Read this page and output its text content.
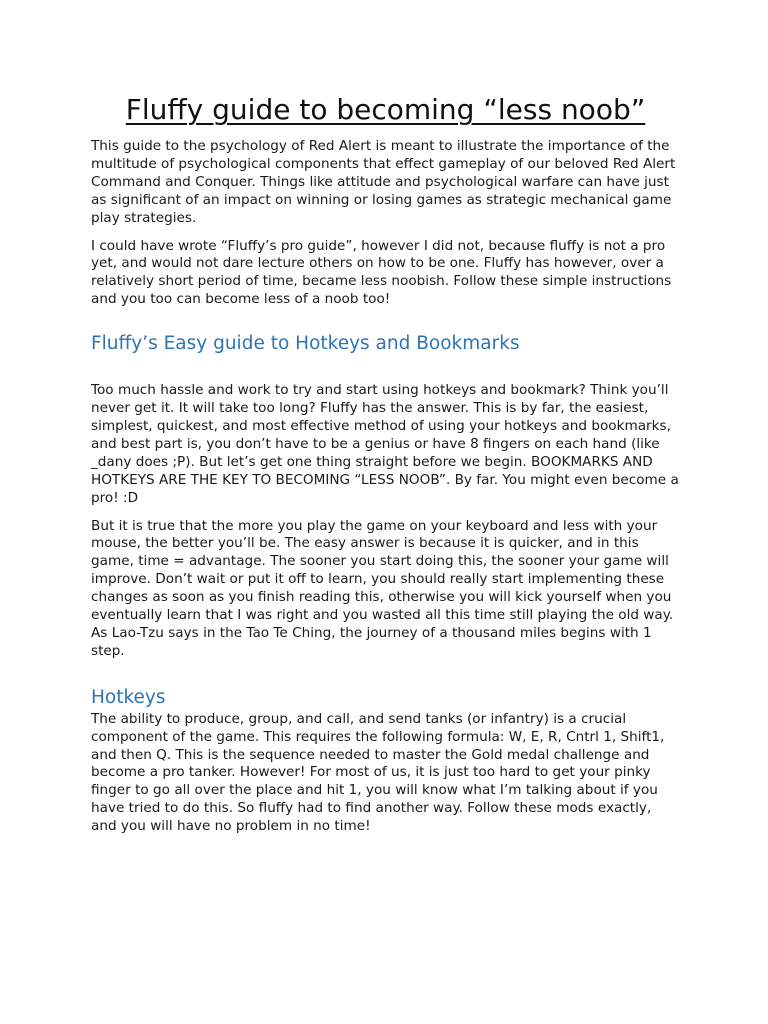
Fluffy guide to becoming “less noob”

This guide to the psychology of Red Alert is meant to illustrate the importance of the multitude of psychological components that effect gameplay of our beloved Red Alert Command and Conquer. Things like attitude and psychological warfare can have just as significant of an impact on winning or losing games as strategic mechanical game play strategies.

I could have wrote “Fluffy’s pro guide”, however I did not, because fluffy is not a pro yet, and would not dare lecture others on how to be one. Fluffy has however, over a relatively short period of time, became less noobish. Follow these simple instructions and you too can become less of a noob too!

Fluffy’s Easy guide to Hotkeys and Bookmarks

Too much hassle and work to try and start using hotkeys and bookmark? Think you’ll never get it. It will take too long? Fluffy has the answer. This is by far, the easiest, simplest, quickest, and most effective method of using your hotkeys and bookmarks, and best part is, you don’t have to be a genius or have 8 fingers on each hand (like _dany does ;P). But let’s get one thing straight before we begin. BOOKMARKS AND HOTKEYS ARE THE KEY TO BECOMING “LESS NOOB”. By far. You might even become a pro! :D

But it is true that the more you play the game on your keyboard and less with your mouse, the better you’ll be. The easy answer is because it is quicker, and in this game, time = advantage. The sooner you start doing this, the sooner your game will improve. Don’t wait or put it off to learn, you should really start implementing these changes as soon as you finish reading this, otherwise you will kick yourself when you eventually learn that I was right and you wasted all this time still playing the old way. As Lao-Tzu says in the Tao Te Ching, the journey of a thousand miles begins with 1 step.

Hotkeys

The ability to produce, group, and call, and send tanks (or infantry) is a crucial component of the game. This requires the following formula: W, E, R, Cntrl 1, Shift1, and then Q. This is the sequence needed to master the Gold medal challenge and become a pro tanker. However! For most of us, it is just too hard to get your pinky finger to go all over the place and hit 1, you will know what I’m talking about if you have tried to do this. So fluffy had to find another way. Follow these mods exactly, and you will have no problem in no time!
